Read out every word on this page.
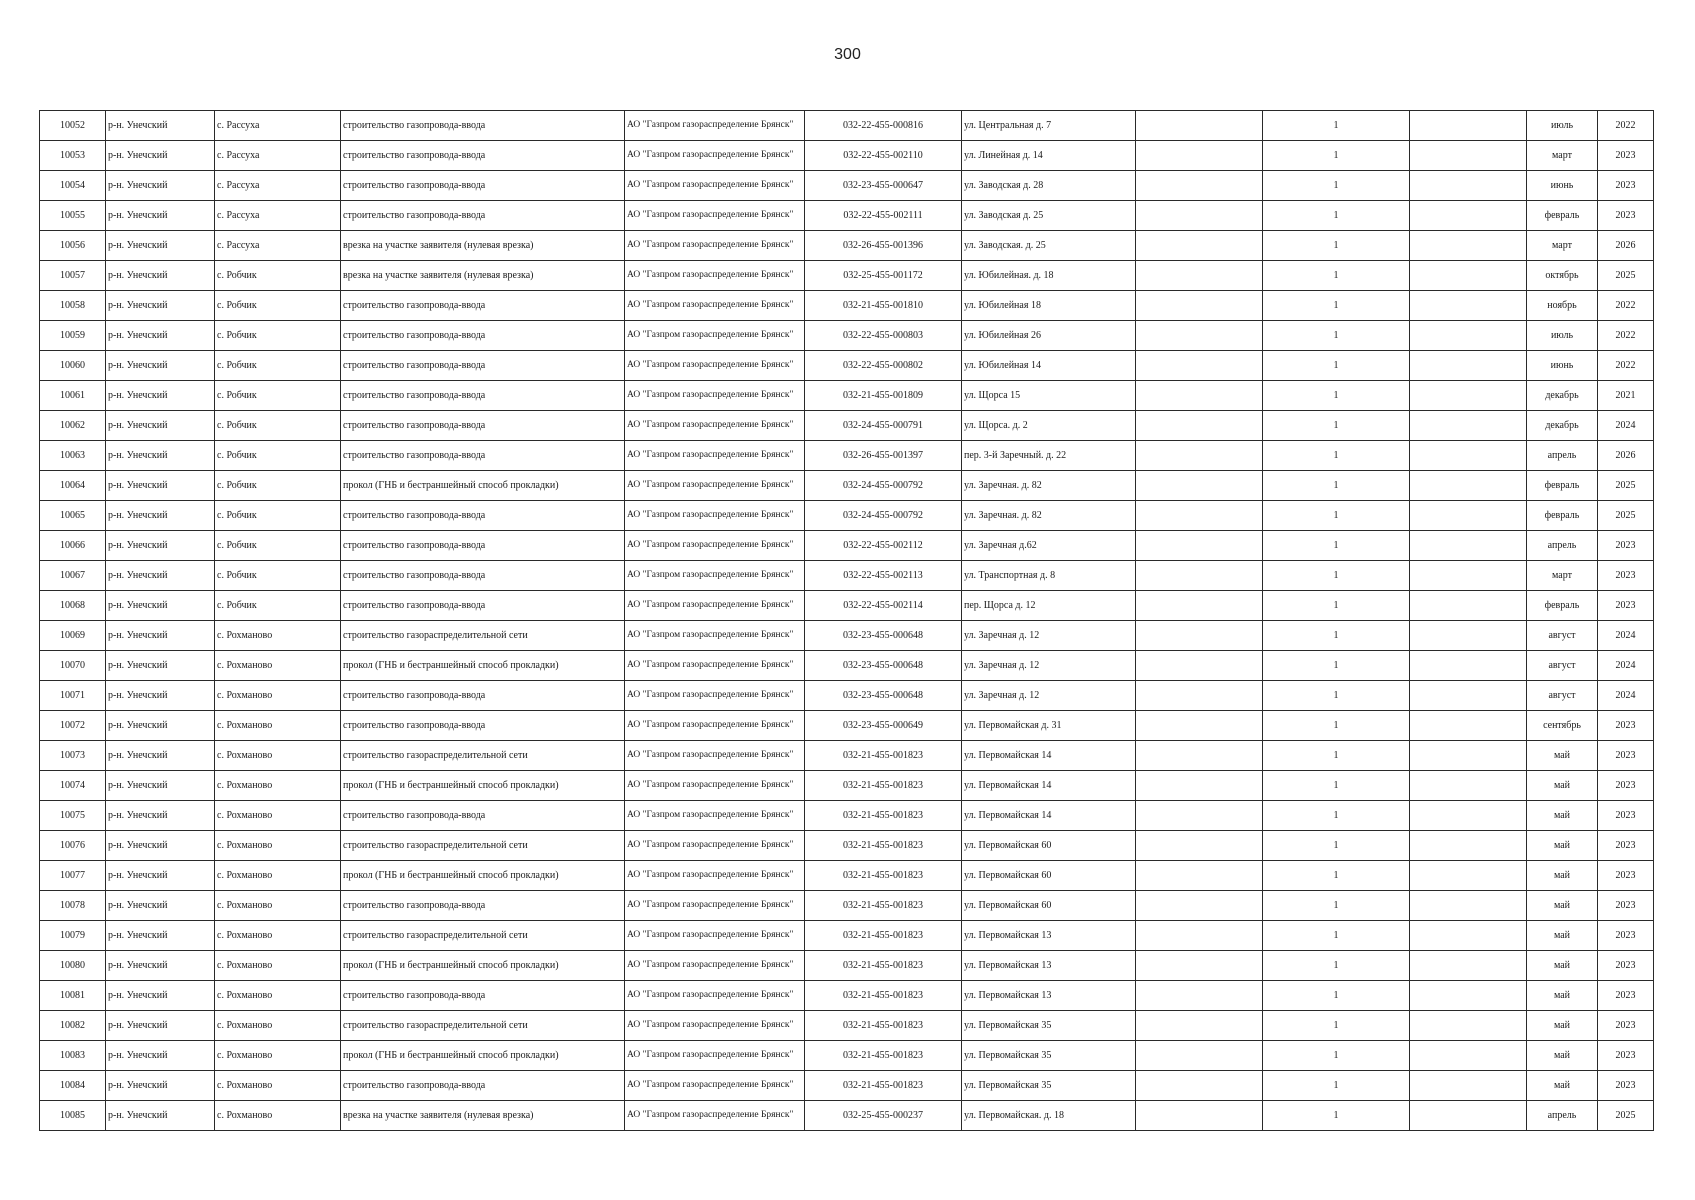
300
10052	р-н. Унечский	с. Рассуха	строительство газопровода-ввода	АО "Газпром газораспределение Брянск"	032-22-455-000816	ул. Центральная д. 7		1		июль	2022
10053	р-н. Унечский	с. Рассуха	строительство газопровода-ввода	АО "Газпром газораспределение Брянск"	032-22-455-002110	ул. Линейная д. 14		1		март	2023
10054	р-н. Унечский	с. Рассуха	строительство газопровода-ввода	АО "Газпром газораспределение Брянск"	032-23-455-000647	ул. Заводская д. 28		1		июнь	2023
10055	р-н. Унечский	с. Рассуха	строительство газопровода-ввода	АО "Газпром газораспределение Брянск"	032-22-455-002111	ул. Заводская д. 25		1		февраль	2023
10056	р-н. Унечский	с. Рассуха	врезка на участке заявителя (нулевая врезка)	АО "Газпром газораспределение Брянск"	032-26-455-001396	ул. Заводская. д. 25		1		март	2026
10057	р-н. Унечский	с. Робчик	врезка на участке заявителя (нулевая врезка)	АО "Газпром газораспределение Брянск"	032-25-455-001172	ул. Юбилейная. д. 18		1		октябрь	2025
10058	р-н. Унечский	с. Робчик	строительство газопровода-ввода	АО "Газпром газораспределение Брянск"	032-21-455-001810	ул. Юбилейная 18		1		ноябрь	2022
10059	р-н. Унечский	с. Робчик	строительство газопровода-ввода	АО "Газпром газораспределение Брянск"	032-22-455-000803	ул. Юбилейная 26		1		июль	2022
10060	р-н. Унечский	с. Робчик	строительство газопровода-ввода	АО "Газпром газораспределение Брянск"	032-22-455-000802	ул. Юбилейная 14		1		июнь	2022
10061	р-н. Унечский	с. Робчик	строительство газопровода-ввода	АО "Газпром газораспределение Брянск"	032-21-455-001809	ул. Щорса 15		1		декабрь	2021
10062	р-н. Унечский	с. Робчик	строительство газопровода-ввода	АО "Газпром газораспределение Брянск"	032-24-455-000791	ул. Щорса. д. 2		1		декабрь	2024
10063	р-н. Унечский	с. Робчик	строительство газопровода-ввода	АО "Газпром газораспределение Брянск"	032-26-455-001397	пер. 3-й Заречный. д. 22		1		апрель	2026
10064	р-н. Унечский	с. Робчик	прокол (ГНБ и бестраншейный способ прокладки)	АО "Газпром газораспределение Брянск"	032-24-455-000792	ул. Заречная. д. 82		1		февраль	2025
10065	р-н. Унечский	с. Робчик	строительство газопровода-ввода	АО "Газпром газораспределение Брянск"	032-24-455-000792	ул. Заречная. д. 82		1		февраль	2025
10066	р-н. Унечский	с. Робчик	строительство газопровода-ввода	АО "Газпром газораспределение Брянск"	032-22-455-002112	ул. Заречная д.62		1		апрель	2023
10067	р-н. Унечский	с. Робчик	строительство газопровода-ввода	АО "Газпром газораспределение Брянск"	032-22-455-002113	ул. Транспортная д. 8		1		март	2023
10068	р-н. Унечский	с. Робчик	строительство газопровода-ввода	АО "Газпром газораспределение Брянск"	032-22-455-002114	пер. Щорса д. 12		1		февраль	2023
10069	р-н. Унечский	с. Рохманово	строительство газораспределительной сети	АО "Газпром газораспределение Брянск"	032-23-455-000648	ул. Заречная д. 12		1		август	2024
10070	р-н. Унечский	с. Рохманово	прокол (ГНБ и бестраншейный способ прокладки)	АО "Газпром газораспределение Брянск"	032-23-455-000648	ул. Заречная д. 12		1		август	2024
10071	р-н. Унечский	с. Рохманово	строительство газопровода-ввода	АО "Газпром газораспределение Брянск"	032-23-455-000648	ул. Заречная д. 12		1		август	2024
10072	р-н. Унечский	с. Рохманово	строительство газопровода-ввода	АО "Газпром газораспределение Брянск"	032-23-455-000649	ул. Первомайская д. 31		1		сентябрь	2023
10073	р-н. Унечский	с. Рохманово	строительство газораспределительной сети	АО "Газпром газораспределение Брянск"	032-21-455-001823	ул. Первомайская 14		1		май	2023
10074	р-н. Унечский	с. Рохманово	прокол (ГНБ и бестраншейный способ прокладки)	АО "Газпром газораспределение Брянск"	032-21-455-001823	ул. Первомайская 14		1		май	2023
10075	р-н. Унечский	с. Рохманово	строительство газопровода-ввода	АО "Газпром газораспределение Брянск"	032-21-455-001823	ул. Первомайская 14		1		май	2023
10076	р-н. Унечский	с. Рохманово	строительство газораспределительной сети	АО "Газпром газораспределение Брянск"	032-21-455-001823	ул. Первомайская 60		1		май	2023
10077	р-н. Унечский	с. Рохманово	прокол (ГНБ и бестраншейный способ прокладки)	АО "Газпром газораспределение Брянск"	032-21-455-001823	ул. Первомайская 60		1		май	2023
10078	р-н. Унечский	с. Рохманово	строительство газопровода-ввода	АО "Газпром газораспределение Брянск"	032-21-455-001823	ул. Первомайская 60		1		май	2023
10079	р-н. Унечский	с. Рохманово	строительство газораспределительной сети	АО "Газпром газораспределение Брянск"	032-21-455-001823	ул. Первомайская 13		1		май	2023
10080	р-н. Унечский	с. Рохманово	прокол (ГНБ и бестраншейный способ прокладки)	АО "Газпром газораспределение Брянск"	032-21-455-001823	ул. Первомайская 13		1		май	2023
10081	р-н. Унечский	с. Рохманово	строительство газопровода-ввода	АО "Газпром газораспределение Брянск"	032-21-455-001823	ул. Первомайская 13		1		май	2023
10082	р-н. Унечский	с. Рохманово	строительство газораспределительной сети	АО "Газпром газораспределение Брянск"	032-21-455-001823	ул. Первомайская 35		1		май	2023
10083	р-н. Унечский	с. Рохманово	прокол (ГНБ и бестраншейный способ прокладки)	АО "Газпром газораспределение Брянск"	032-21-455-001823	ул. Первомайская 35		1		май	2023
10084	р-н. Унечский	с. Рохманово	строительство газопровода-ввода	АО "Газпром газораспределение Брянск"	032-21-455-001823	ул. Первомайская 35		1		май	2023
10085	р-н. Унечский	с. Рохманово	врезка на участке заявителя (нулевая врезка)	АО "Газпром газораспределение Брянск"	032-25-455-000237	ул. Первомайская. д. 18		1		апрель	2025
